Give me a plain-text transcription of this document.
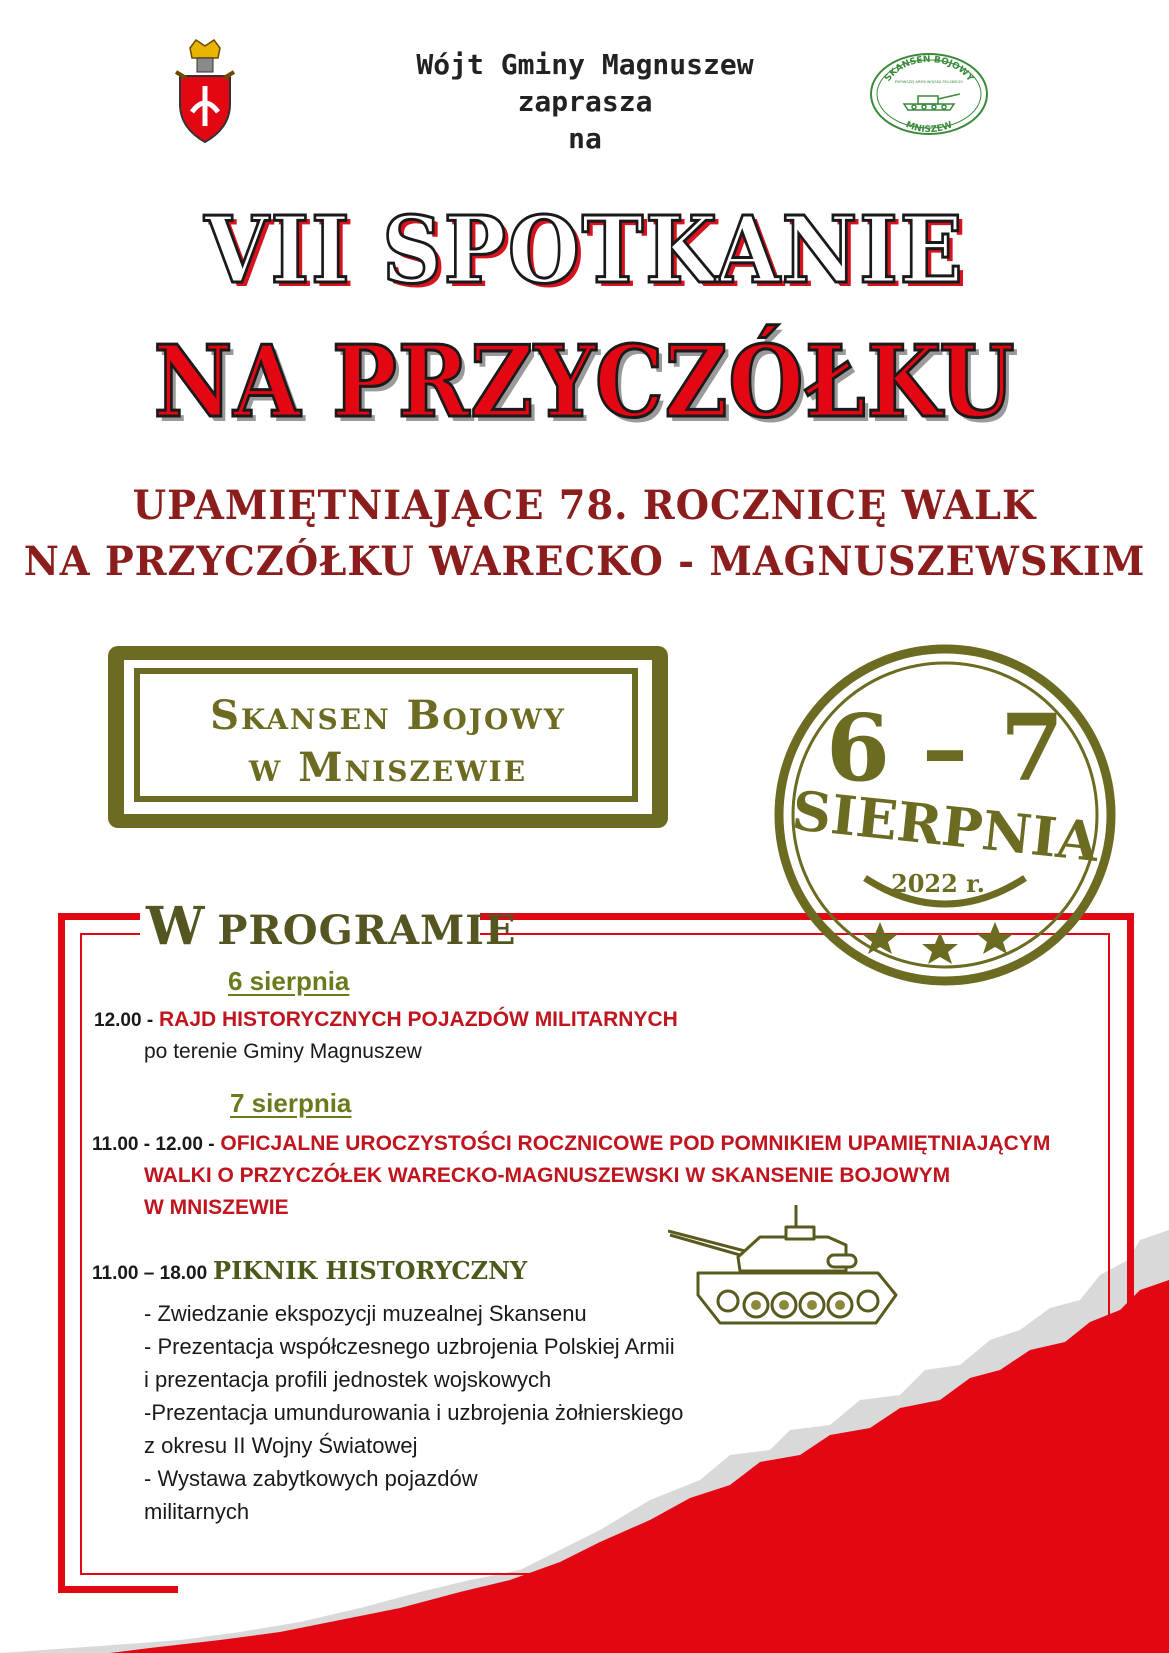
Wójt Gminy Magnuszew
zaprasza
na
SKANSEN BOJOWY
MNISZEW
PIERWSZEJ ARMII WOJSKA POLSKIEGO
VII SPOTKANIE
NA PRZYCZÓŁKU
UPAMIĘTNIAJĄCE 78. ROCZNICĘ WALK
NA PRZYCZÓŁKU WARECKO - MAGNUSZEWSKIM
Skansen Bojowy
w Mniszewie
W PROGRAMIE
6 – 7
SIERPNIA
2022 r.
6 sierpnia
12.00 - RAJD HISTORYCZNYCH POJAZDÓW MILITARNYCH
po terenie Gminy Magnuszew
7 sierpnia
11.00 - 12.00 - OFICJALNE UROCZYSTOŚCI ROCZNICOWE POD POMNIKIEM UPAMIĘTNIAJĄCYM
WALKI O PRZYCZÓŁEK WARECKO-MAGNUSZEWSKI W SKANSENIE BOJOWYM
W MNISZEWIE
11.00 – 18.00 PIKNIK HISTORYCZNY
- Zwiedzanie ekspozycji muzealnej Skansenu
- Prezentacja współczesnego uzbrojenia Polskiej Armii
i prezentacja profili jednostek wojskowych
-Prezentacja umundurowania i uzbrojenia żołnierskiego
z okresu II Wojny Światowej
- Wystawa zabytkowych pojazdów
militarnych
